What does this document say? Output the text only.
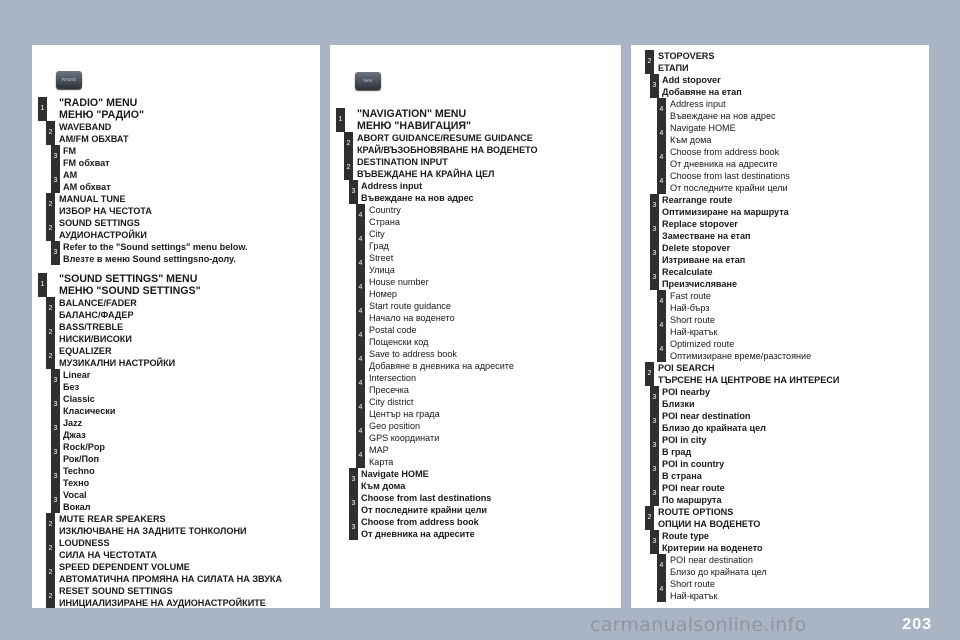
RADIO
1	"RADIO" MENU
МЕНЮ "РАДИО"
2
WAVEBAND
AM/FM ОБХВАТ
3
FM
FM обхват
3
AM
AM обхват
2
MANUAL TUNE
ИЗБОР НА ЧЕСТОТА
2
SOUND SETTINGS
АУДИОНАСТРОЙКИ
3
Refer to the "Sound settings" menu below.
Влезте в меню Sound settingsпо-долу.
1	"SOUND SETTINGS" MENU
МЕНЮ "SOUND SETTINGS"
2
BALANCE/FADER
БАЛАНС/ФАДЕР
2
BASS/TREBLE
НИСКИ/ВИСОКИ
2
EQUALIZER
МУЗИКАЛНИ НАСТРОЙКИ
3
Linear
Без
3
Classic
Класически
3
Jazz
Джаз
3
Rock/Pop
Рок/Поп
3
Techno
Техно
3
Vocal
Вокал
2
MUTE REAR SPEAKERS
ИЗКЛЮЧВАНЕ НА ЗАДНИТЕ ТОНКОЛОНИ
2
LOUDNESS
СИЛА НА ЧЕСТОТАТА
2
SPEED DEPENDENT VOLUME
АВТОМАТИЧНА ПРОМЯНА НА СИЛАТА НА ЗВУКА
2
RESET SOUND SETTINGS
ИНИЦИАЛИЗИРАНЕ НА АУДИОНАСТРОЙКИТЕ
NAV
1	"NAVIGATION" MENU
МЕНЮ "НАВИГАЦИЯ"
2
ABORT GUIDANCE/RESUME GUIDANCE
КРАЙ/ВЪЗОБНОВЯВАНЕ НА ВОДЕНЕТО
2
DESTINATION INPUT
ВЪВЕЖДАНЕ НА КРАЙНА ЦЕЛ
3
Address input
Въвеждане на нов адрес
4
Country
Страна
4
City
Град
4
Street
Улица
4
House number
Номер
4
Start route guidance
Начало на воденето
4
Postal code
Пощенски код
4
Save to address book
Добавяне в дневника на адресите
4
Intersection
Пресечка
4
City district
Център на града
4
Geo position
GPS координати
4
MAP
Карта
3
Navigate HOME
Към дома
3
Choose from last destinations
От последните крайни цели
3
Choose from address book
От дневника на адресите
2
STOPOVERS
ЕТАПИ
3
Add stopover
Добавяне на етап
4
Address input
Въвеждане на нов адрес
4
Navigate HOME
Към дома
4
Choose from address book
От дневника на адресите
4
Choose from last destinations
От последните крайни цели
3
Rearrange route
Оптимизиране на маршрута
3
Replace stopover
Заместване на етап
3
Delete stopover
Изтриване на етап
3
Recalculate
Преизчисляване
4
Fast route
Най-бърз
4
Short route
Най-кратък
4
Optimized route
Оптимизиране време/разстояние
2
POI SEARCH
ТЪРСЕНЕ НА ЦЕНТРОВЕ НА ИНТЕРЕСИ
3
POI nearby
Близки
3
POI near destination
Близо до крайната цел
3
POI in city
В град
3
POI in country
В страна
3
POI near route
По маршрута
2
ROUTE OPTIONS
ОПЦИИ НА ВОДЕНЕТО
3
Route type
Критерии на воденето
4
POI near destination
Близо до крайната цел
4
Short route
Най-кратък
carmanualsonline.info	203
